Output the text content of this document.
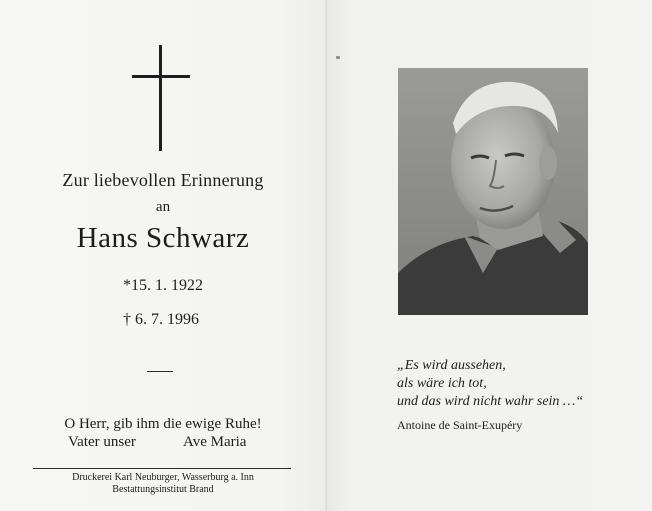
Zur liebevollen Erinnerung
an
Hans Schwarz
*15. 1. 1922
† 6. 7. 1996
O Herr, gib ihm die ewige Ruhe!
Vater unser	Ave Maria
Druckerei Karl Neuburger, Wasserburg a. Inn
Bestattungsinstitut Brand
„Es wird aussehen,
als wäre ich tot,
und das wird nicht wahr sein …“
Antoine de Saint-Exupéry
